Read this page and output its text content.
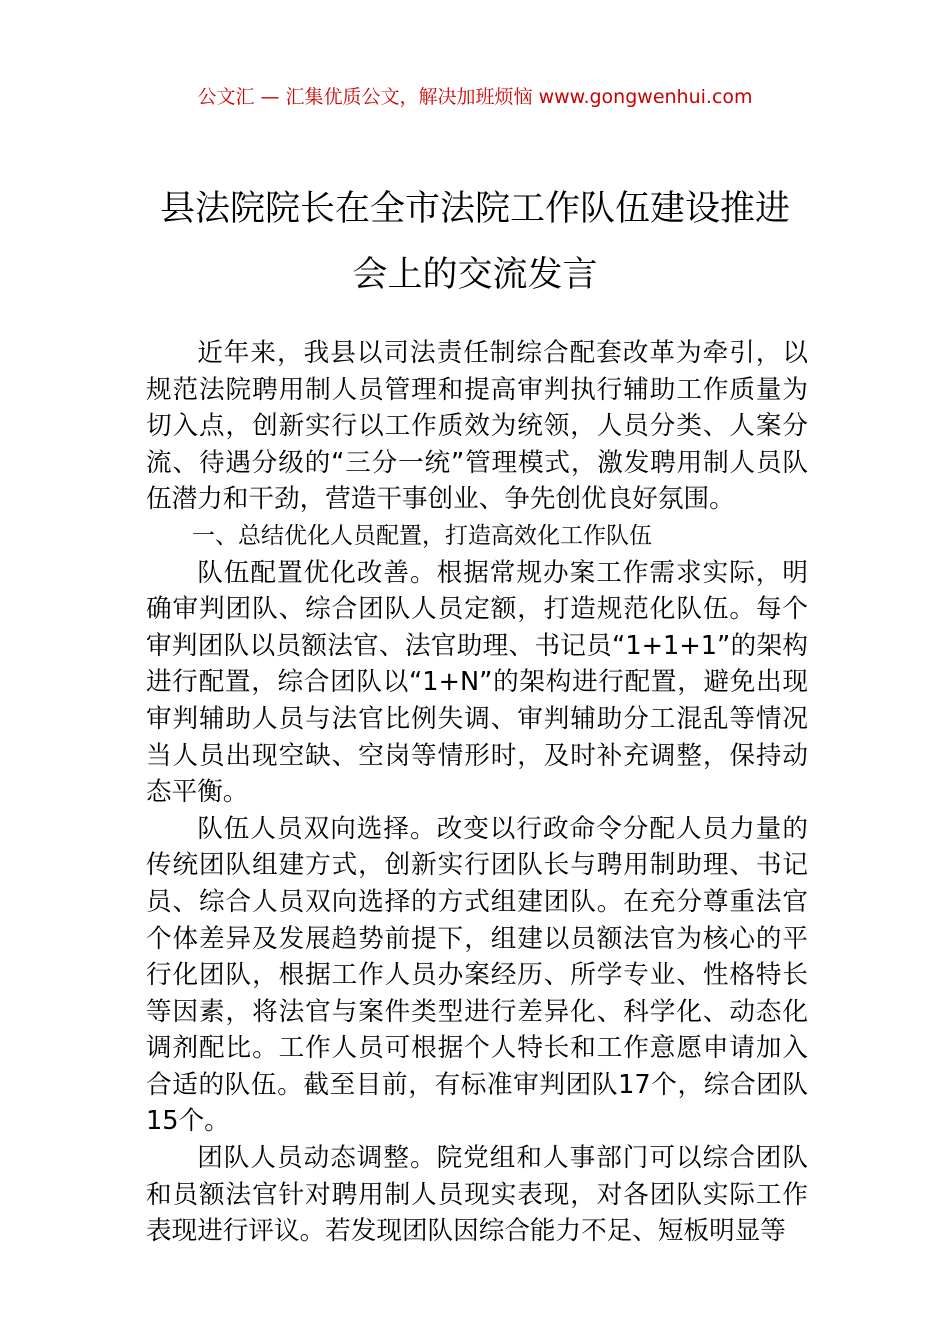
公文汇 — 汇集优质公文，解决加班烦恼 www.gongwenhui.com
县法院院长在全市法院工作队伍建设推进
会上的交流发言

近年来，我县以司法责任制综合配套改革为牵引，以规范法院聘用制人员管理和提高审判执行辅助工作质量为切入点，创新实行以工作质效为统领，人员分类、人案分流、待遇分级的“三分一统”管理模式，激发聘用制人员队伍潜力和干劲，营造干事创业、争先创优良好氛围。

一、总结优化人员配置，打造高效化工作队伍

队伍配置优化改善。根据常规办案工作需求实际，明确审判团队、综合团队人员定额，打造规范化队伍。每个审判团队以员额法官、法官助理、书记员“1+1+1”的架构进行配置，综合团队以“1+N”的架构进行配置，避免出现审判辅助人员与法官比例失调、审判辅助分工混乱等情况当人员出现空缺、空岗等情形时，及时补充调整，保持动态平衡。

队伍人员双向选择。改变以行政命令分配人员力量的传统团队组建方式，创新实行团队长与聘用制助理、书记员、综合人员双向选择的方式组建团队。在充分尊重法官个体差异及发展趋势前提下，组建以员额法官为核心的平行化团队，根据工作人员办案经历、所学专业、性格特长等因素，将法官与案件类型进行差异化、科学化、动态化调剂配比。工作人员可根据个人特长和工作意愿申请加入合适的队伍。截至目前，有标准审判团队17个，综合团队15个。

团队人员动态调整。院党组和人事部门可以综合团队和员额法官针对聘用制人员现实表现，对各团队实际工作表现进行评议。若发现团队因综合能力不足、短板明显等
